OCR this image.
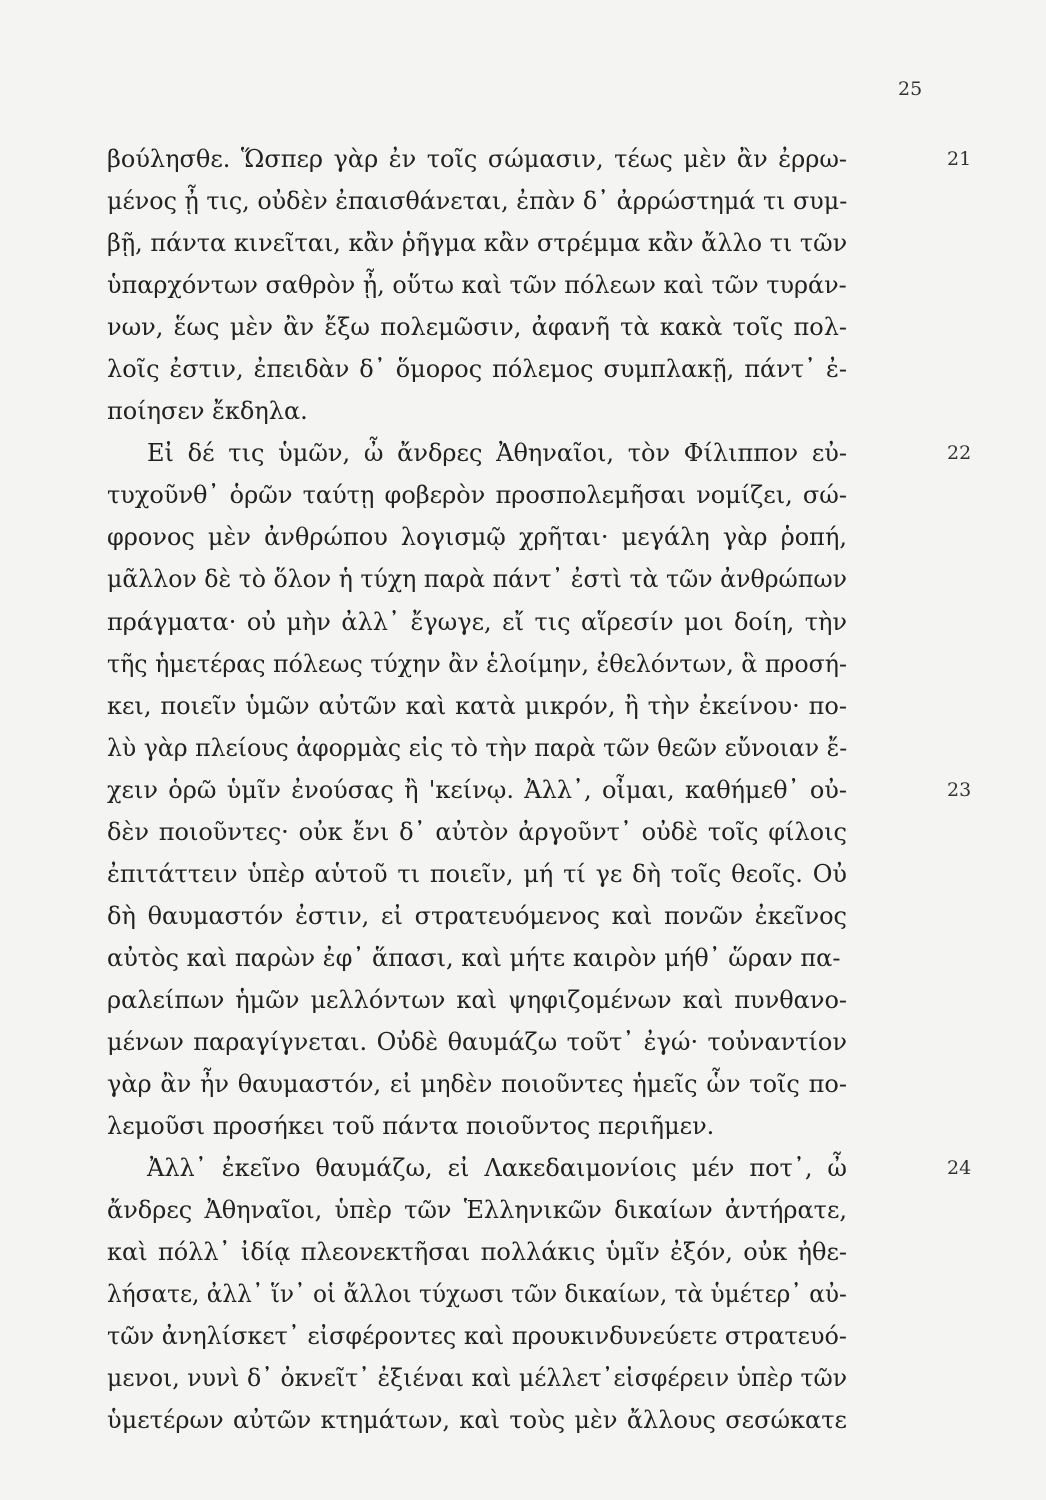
25
βούλησθε. Ὥσπερ γὰρ ἐν τοῖς σώμασιν, τέως μὲν ἂν ἐρρω-	21
μένος ᾖ τις, οὐδὲν ἐπαισθάνεται, ἐπὰν δ᾽ ἀρρώστημά τι συμ-
βῇ, πάντα κινεῖται, κἂν ῥῆγμα κἂν στρέμμα κἂν ἄλλο τι τῶν
ὑπαρχόντων σαθρὸν ᾖ, οὕτω καὶ τῶν πόλεων καὶ τῶν τυράν-
νων, ἕως μὲν ἂν ἔξω πολεμῶσιν, ἀφανῆ τὰ κακὰ τοῖς πολ-
λοῖς ἐστιν, ἐπειδὰν δ᾽ ὅμορος πόλεμος συμπλακῇ, πάντ᾽ ἐ-
ποίησεν ἔκδηλα.
Εἰ δέ τις ὑμῶν, ὦ ἄνδρες Ἀθηναῖοι, τὸν Φίλιππον εὐ-	22
τυχοῦνθ᾽ ὁρῶν ταύτῃ φοβερὸν προσπολεμῆσαι νομίζει, σώ-
φρονος μὲν ἀνθρώπου λογισμῷ χρῆται· μεγάλη γὰρ ῥοπή,
μᾶλλον δὲ τὸ ὅλον ἡ τύχη παρὰ πάντ᾽ ἐστὶ τὰ τῶν ἀνθρώπων
πράγματα· οὐ μὴν ἀλλ᾽ ἔγωγε, εἴ τις αἵρεσίν μοι δοίη, τὴν
τῆς ἡμετέρας πόλεως τύχην ἂν ἑλοίμην, ἐθελόντων, ἃ προσή-
κει, ποιεῖν ὑμῶν αὐτῶν καὶ κατὰ μικρόν, ἢ τὴν ἐκείνου· πο-
λὺ γὰρ πλείους ἀφορμὰς εἰς τὸ τὴν παρὰ τῶν θεῶν εὔνοιαν ἔ-
χειν ὁρῶ ὑμῖν ἐνούσας ἢ 'κείνῳ. Ἀλλ᾽, οἶμαι, καθήμεθ᾽ οὐ-	23
δὲν ποιοῦντες· οὐκ ἔνι δ᾽ αὐτὸν ἀργοῦντ᾽ οὐδὲ τοῖς φίλοις
ἐπιτάττειν ὑπὲρ αὑτοῦ τι ποιεῖν, μή τί γε δὴ τοῖς θεοῖς. Οὐ
δὴ θαυμαστόν ἐστιν, εἰ στρατευόμενος καὶ πονῶν ἐκεῖνος
αὐτὸς καὶ παρὼν ἐφ᾽ ἅπασι, καὶ μήτε καιρὸν μήθ᾽ ὥραν πα-
ραλείπων ἡμῶν μελλόντων καὶ ψηφιζομένων καὶ πυνθανο-
μένων παραγίγνεται. Οὐδὲ θαυμάζω τοῦτ᾽ ἐγώ· τοὐναντίον
γὰρ ἂν ἦν θαυμαστόν, εἰ μηδὲν ποιοῦντες ἡμεῖς ὧν τοῖς πο-
λεμοῦσι προσήκει τοῦ πάντα ποιοῦντος περιῆμεν.
Ἀλλ᾽ ἐκεῖνο θαυμάζω, εἰ Λακεδαιμονίοις μέν ποτ᾽, ὦ	24
ἄνδρες Ἀθηναῖοι, ὑπὲρ τῶν Ἑλληνικῶν δικαίων ἀντήρατε,
καὶ πόλλ᾽ ἰδίᾳ πλεονεκτῆσαι πολλάκις ὑμῖν ἐξόν, οὐκ ἠθε-
λήσατε, ἀλλ᾽ ἵν᾽ οἱ ἄλλοι τύχωσι τῶν δικαίων, τὰ ὑμέτερ᾽ αὐ-
τῶν ἀνηλίσκετ᾽ εἰσφέροντες καὶ προυκινδυνεύετε στρατευό-
μενοι, νυνὶ δ᾽ ὀκνεῖτ᾽ ἐξιέναι καὶ μέλλετ᾽εἰσφέρειν ὑπὲρ τῶν
ὑμετέρων αὐτῶν κτημάτων, καὶ τοὺς μὲν ἄλλους σεσώκατε
